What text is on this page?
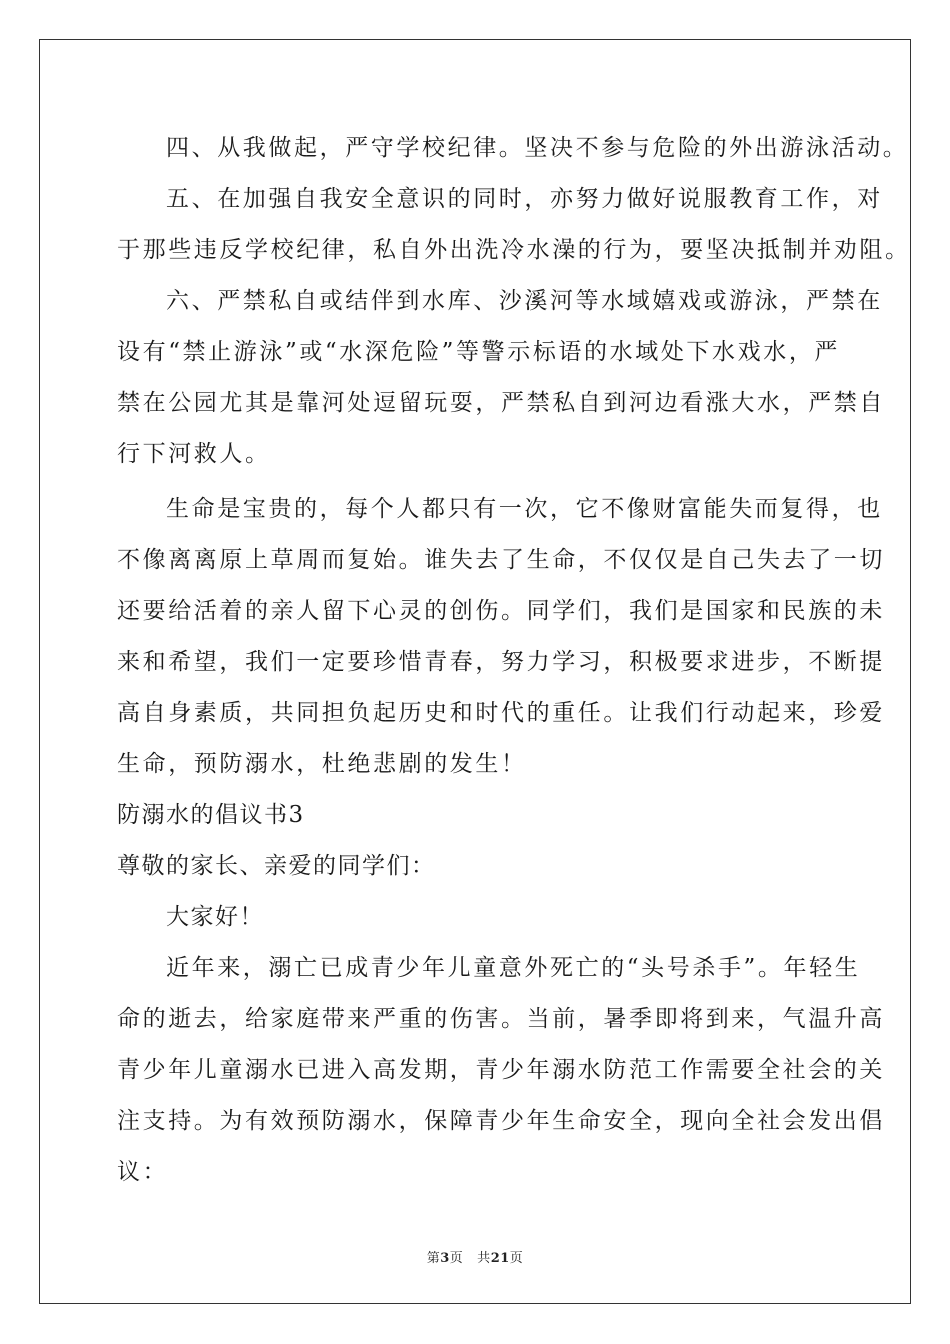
四、从我做起，严守学校纪律。坚决不参与危险的外出游泳活动。
五、在加强自我安全意识的同时，亦努力做好说服教育工作，对
于那些违反学校纪律，私自外出洗冷水澡的行为，要坚决抵制并劝阻。
六、严禁私自或结伴到水库、沙溪河等水域嬉戏或游泳，严禁在
设有“禁止游泳”或“水深危险”等警示标语的水域处下水戏水，严
禁在公园尤其是靠河处逗留玩耍，严禁私自到河边看涨大水，严禁自
行下河救人。
生命是宝贵的，每个人都只有一次，它不像财富能失而复得，也
不像离离原上草周而复始。谁失去了生命，不仅仅是自己失去了一切
还要给活着的亲人留下心灵的创伤。同学们，我们是国家和民族的未
来和希望，我们一定要珍惜青春，努力学习，积极要求进步，不断提
高自身素质，共同担负起历史和时代的重任。让我们行动起来，珍爱
生命，预防溺水，杜绝悲剧的发生！
防溺水的倡议书3
尊敬的家长、亲爱的同学们：
大家好！
近年来，溺亡已成青少年儿童意外死亡的“头号杀手”。年轻生
命的逝去，给家庭带来严重的伤害。当前，暑季即将到来，气温升高
青少年儿童溺水已进入高发期，青少年溺水防范工作需要全社会的关
注支持。为有效预防溺水，保障青少年生命安全，现向全社会发出倡
议：
第3页 共21页
